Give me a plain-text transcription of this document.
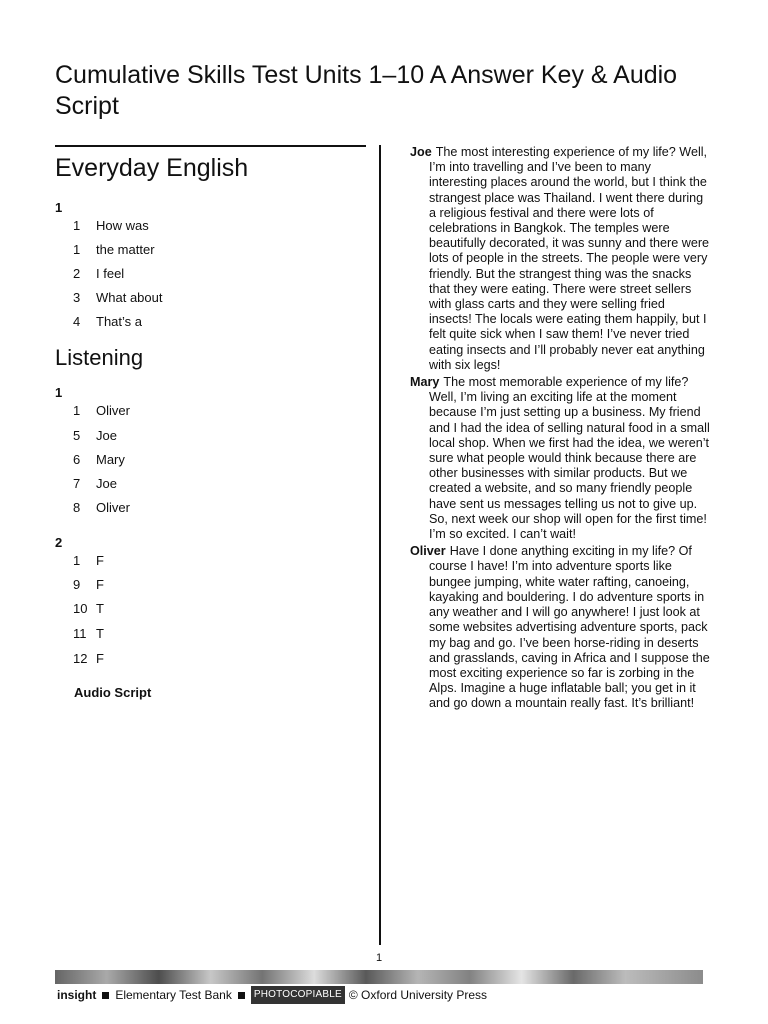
Cumulative Skills Test Units 1–10 A Answer Key & Audio Script
Everyday English
1
1	How was
1	the matter
2	I feel
3	What about
4	That’s a
Listening
1
1	Oliver
5	Joe
6	Mary
7	Joe
8	Oliver
2
1	F
9	F
10 T
11 T
12 F
Audio Script

Joe The most interesting experience of my life? Well, I’m into travelling and I’ve been to many interesting places around the world, but I think the strangest place was Thailand. I went there during a religious festival and there were lots of celebrations in Bangkok. The temples were beautifully decorated, it was sunny and there were lots of people in the streets. The people were very friendly. But the strangest thing was the snacks that they were eating. There were street sellers with glass carts and they were selling fried insects! The locals were eating them happily, but I felt quite sick when I saw them! I’ve never tried eating insects and I’ll probably never eat anything with six legs!

Mary The most memorable experience of my life? Well, I’m living an exciting life at the moment because I’m just setting up a business. My friend and I had the idea of selling natural food in a small local shop. When we first had the idea, we weren’t sure what people would think because there are other businesses with similar products. But we created a website, and so many friendly people have sent us messages telling us not to give up. So, next week our shop will open for the first time! I’m so excited. I can’t wait!

Oliver Have I done anything exciting in my life? Of course I have! I’m into adventure sports like bungee jumping, white water rafting, canoeing, kayaking and bouldering. I do adventure sports in any weather and I will go anywhere! I just look at some websites advertising adventure sports, pack my bag and go. I’ve been horse-riding in deserts and grasslands, caving in Africa and I suppose the most exciting experience so far is zorbing in the Alps. Imagine a huge inflatable ball; you get in it and go down a mountain really fast. It’s brilliant!

1
insight Elementary Test Bank	PHOTOCOPIABLE © Oxford University Press
